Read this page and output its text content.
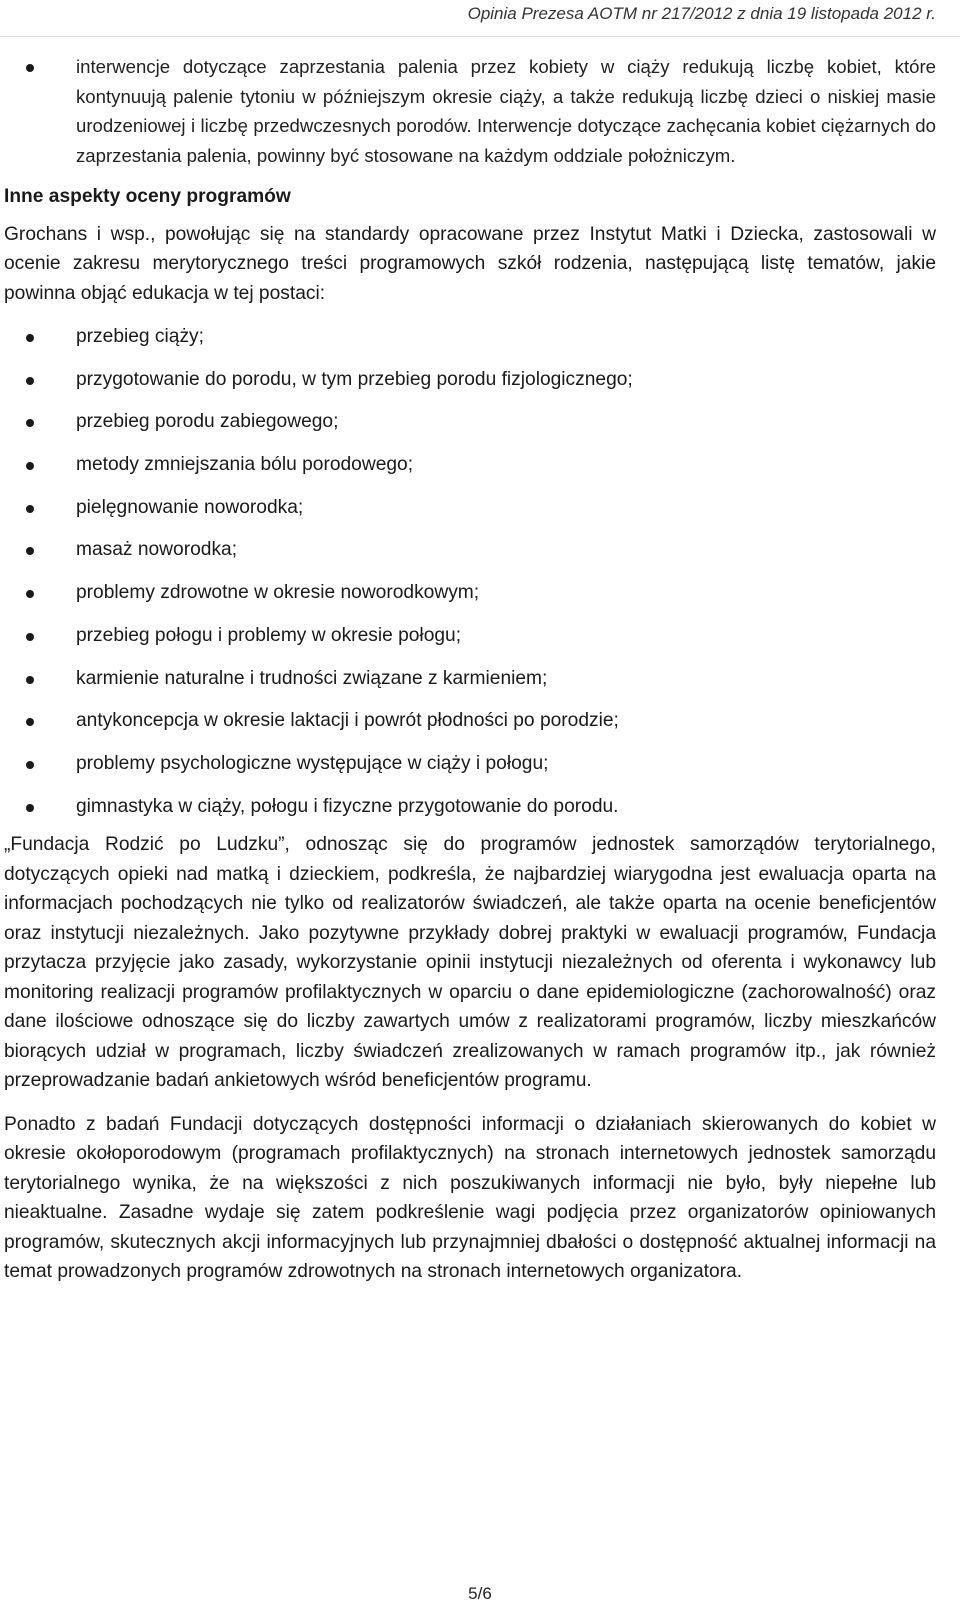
Opinia Prezesa AOTM nr 217/2012 z dnia 19 listopada 2012 r.
interwencje dotyczące zaprzestania palenia przez kobiety w ciąży redukują liczbę kobiet, które kontynuują palenie tytoniu w późniejszym okresie ciąży, a także redukują liczbę dzieci o niskiej masie urodzeniowej i liczbę przedwczesnych porodów. Interwencje dotyczące zachęcania kobiet ciężarnych do zaprzestania palenia, powinny być stosowane na każdym oddziale położniczym.
Inne aspekty oceny programów

Grochans i wsp., powołując się na standardy opracowane przez Instytut Matki i Dziecka, zastosowali w ocenie zakresu merytorycznego treści programowych szkół rodzenia, następującą listę tematów, jakie powinna objąć edukacja w tej postaci:

przebieg ciąży;
przygotowanie do porodu, w tym przebieg porodu fizjologicznego;
przebieg porodu zabiegowego;
metody zmniejszania bólu porodowego;
pielęgnowanie noworodka;
masaż noworodka;
problemy zdrowotne w okresie noworodkowym;
przebieg połogu i problemy w okresie połogu;
karmienie naturalne i trudności związane z karmieniem;
antykoncepcja w okresie laktacji i powrót płodności po porodzie;
problemy psychologiczne występujące w ciąży i połogu;
gimnastyka w ciąży, połogu i fizyczne przygotowanie do porodu.

„Fundacja Rodzić po Ludzku”, odnosząc się do programów jednostek samorządów terytorialnego, dotyczących opieki nad matką i dzieckiem, podkreśla, że najbardziej wiarygodna jest ewaluacja oparta na informacjach pochodzących nie tylko od realizatorów świadczeń, ale także oparta na ocenie beneficjentów oraz instytucji niezależnych. Jako pozytywne przykłady dobrej praktyki w ewaluacji programów, Fundacja przytacza przyjęcie jako zasady, wykorzystanie opinii instytucji niezależnych od oferenta i wykonawcy lub monitoring realizacji programów profilaktycznych w oparciu o dane epidemiologiczne (zachorowalność) oraz dane ilościowe odnoszące się do liczby zawartych umów z realizatorami programów, liczby mieszkańców biorących udział w programach, liczby świadczeń zrealizowanych w ramach programów itp., jak również przeprowadzanie badań ankietowych wśród beneficjentów programu.

Ponadto z badań Fundacji dotyczących dostępności informacji o działaniach skierowanych do kobiet w okresie okołoporodowym (programach profilaktycznych) na stronach internetowych jednostek samorządu terytorialnego wynika, że na większości z nich poszukiwanych informacji nie było, były niepełne lub nieaktualne. Zasadne wydaje się zatem podkreślenie wagi podjęcia przez organizatorów opiniowanych programów, skutecznych akcji informacyjnych lub przynajmniej dbałości o dostępność aktualnej informacji na temat prowadzonych programów zdrowotnych na stronach internetowych organizatora.

5/6
